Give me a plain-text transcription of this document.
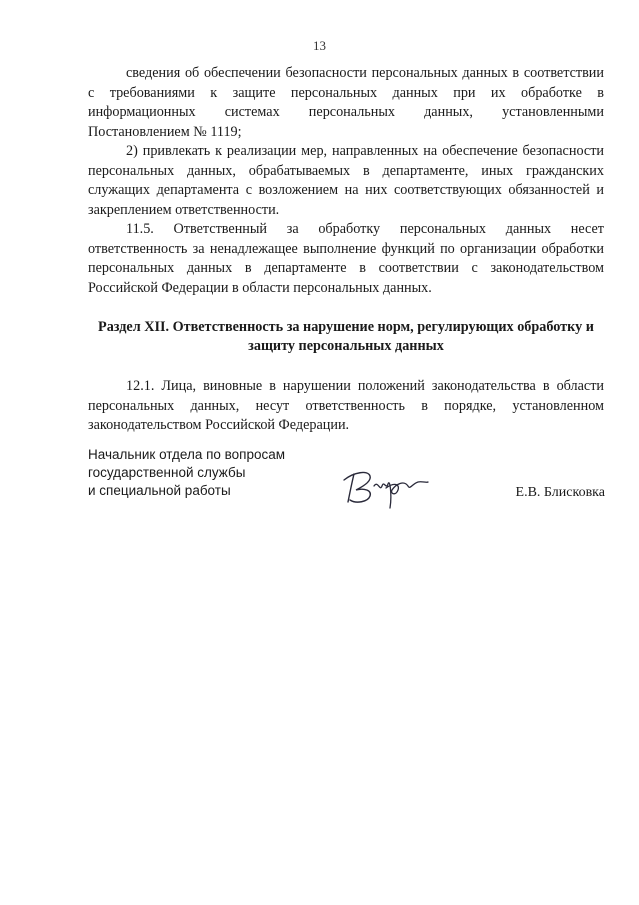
13

сведения об обеспечении безопасности персональных данных в соответствии с требованиями к защите персональных данных при их обработке в информационных системах персональных данных, установленными Постановлением № 1119;

2) привлекать к реализации мер, направленных на обеспечение безопасности персональных данных, обрабатываемых в департаменте, иных гражданских служащих департамента с возложением на них соответствующих обязанностей и закреплением ответственности.

11.5. Ответственный за обработку персональных данных несет ответственность за ненадлежащее выполнение функций по организации обработки персональных данных в департаменте в соответствии с законодательством Российской Федерации в области персональных данных.

Раздел XII. Ответственность за нарушение норм, регулирующих обработку и защиту персональных данных

12.1. Лица, виновные в нарушении положений законодательства в области персональных данных, несут ответственность в порядке, установленном законодательством Российской Федерации.

Начальник отдела по вопросам
государственной службы
и специальной работы	Е.В. Блисковка
